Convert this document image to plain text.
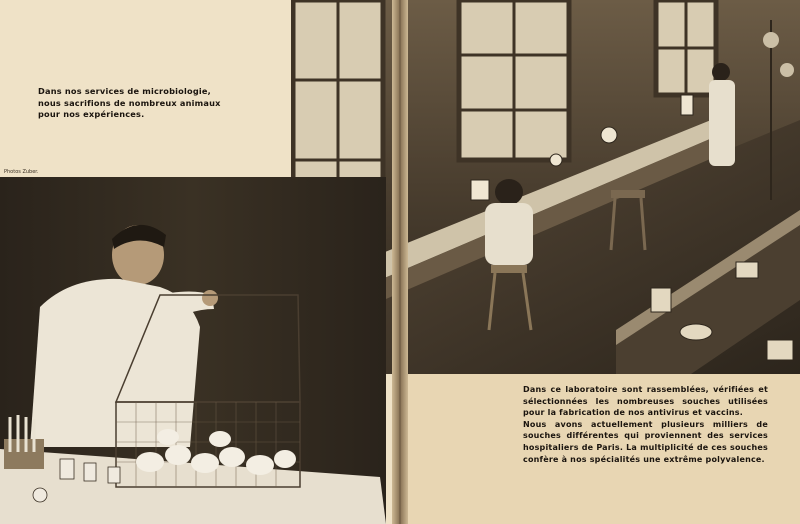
Dans nos services de microbiologie, nous sacrifions de nombreux animaux pour nos expériences.

Photos Zuber.

Dans ce laboratoire sont rassemblées, vérifiées et sélectionnées les nombreuses souches utilisées pour la fabrication de nos antivirus et vaccins.

Nous avons actuellement plusieurs milliers de souches différentes qui proviennent des services hospitaliers de Paris. La multiplicité de ces souches confère à nos spécialités une extrême polyvalence.
